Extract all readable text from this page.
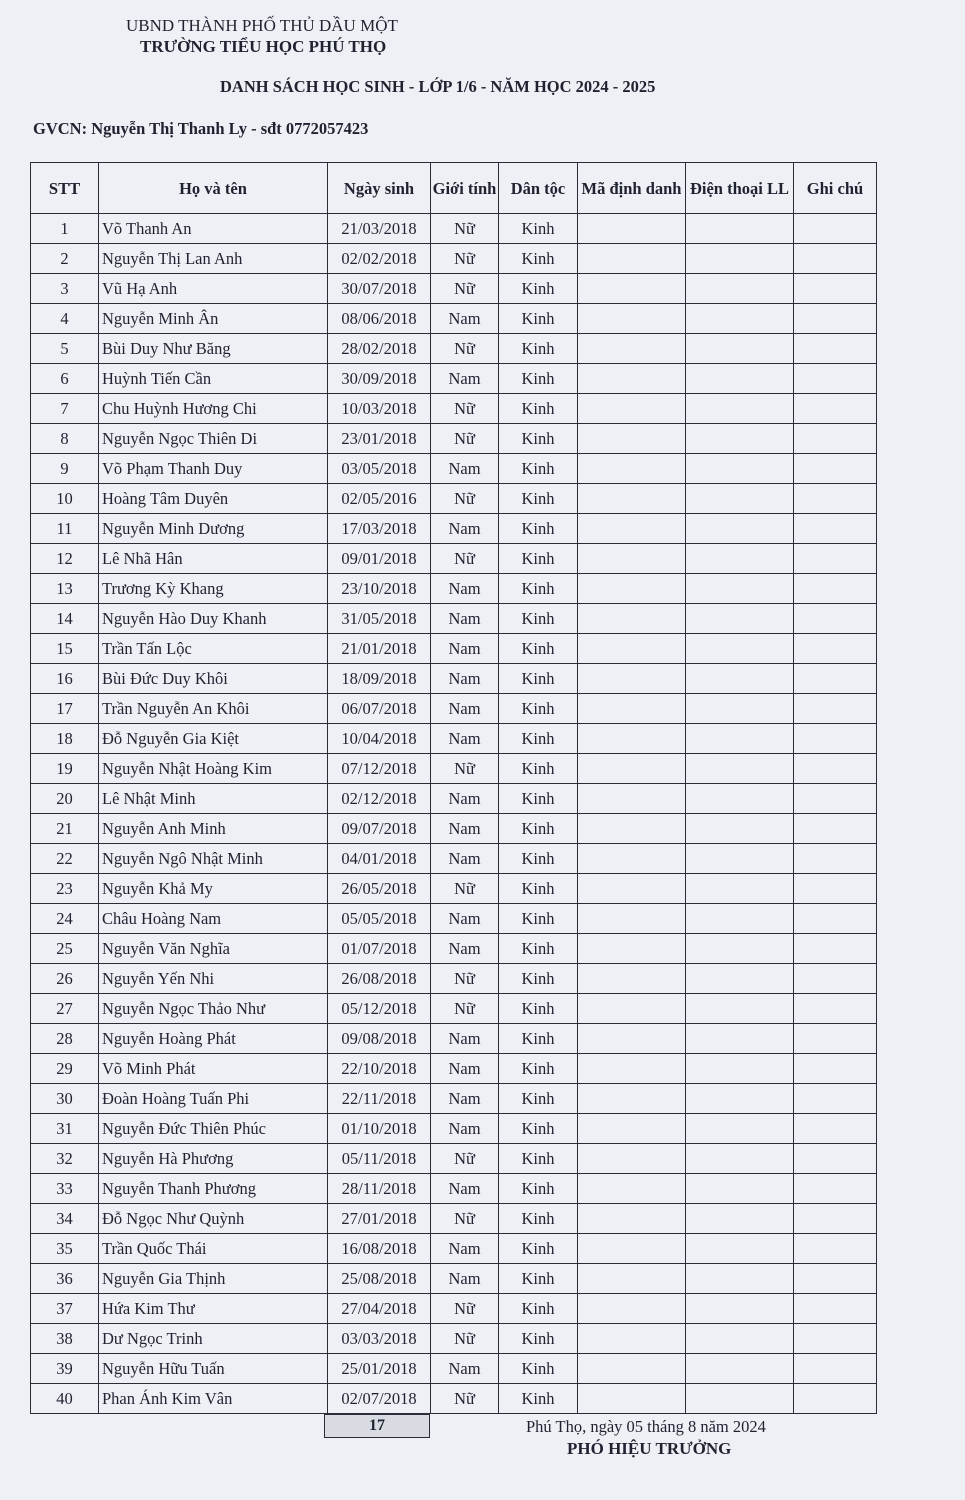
UBND THÀNH PHỐ THỦ DẦU MỘT
TRƯỜNG TIỂU HỌC PHÚ THỌ
DANH SÁCH HỌC SINH - LỚP 1/6 - NĂM HỌC 2024 - 2025
GVCN: Nguyễn Thị Thanh Ly - sđt 0772057423
STT	Họ và tên	Ngày sinh	Giới tính	Dân tộc	Mã định danh	Điện thoại LL	Ghi chú
1	Võ Thanh An	21/03/2018	Nữ	Kinh			
2	Nguyễn Thị Lan Anh	02/02/2018	Nữ	Kinh			
3	Vũ Hạ Anh	30/07/2018	Nữ	Kinh			
4	Nguyễn Minh Ân	08/06/2018	Nam	Kinh			
5	Bùi Duy Như Băng	28/02/2018	Nữ	Kinh			
6	Huỳnh Tiến Cần	30/09/2018	Nam	Kinh			
7	Chu Huỳnh Hương Chi	10/03/2018	Nữ	Kinh			
8	Nguyễn Ngọc Thiên Di	23/01/2018	Nữ	Kinh			
9	Võ Phạm Thanh Duy	03/05/2018	Nam	Kinh			
10	Hoàng Tâm Duyên	02/05/2016	Nữ	Kinh			
11	Nguyễn Minh Dương	17/03/2018	Nam	Kinh			
12	Lê Nhã Hân	09/01/2018	Nữ	Kinh			
13	Trương Kỳ Khang	23/10/2018	Nam	Kinh			
14	Nguyễn Hào Duy Khanh	31/05/2018	Nam	Kinh			
15	Trần Tấn Lộc	21/01/2018	Nam	Kinh			
16	Bùi Đức Duy Khôi	18/09/2018	Nam	Kinh			
17	Trần Nguyễn An Khôi	06/07/2018	Nam	Kinh			
18	Đỗ Nguyễn Gia Kiệt	10/04/2018	Nam	Kinh			
19	Nguyễn Nhật Hoàng Kim	07/12/2018	Nữ	Kinh			
20	Lê Nhật Minh	02/12/2018	Nam	Kinh			
21	Nguyễn Anh Minh	09/07/2018	Nam	Kinh			
22	Nguyễn Ngô Nhật Minh	04/01/2018	Nam	Kinh			
23	Nguyễn Khả My	26/05/2018	Nữ	Kinh			
24	Châu Hoàng Nam	05/05/2018	Nam	Kinh			
25	Nguyễn Văn Nghĩa	01/07/2018	Nam	Kinh			
26	Nguyễn Yến Nhi	26/08/2018	Nữ	Kinh			
27	Nguyễn Ngọc Thảo Như	05/12/2018	Nữ	Kinh			
28	Nguyễn Hoàng Phát	09/08/2018	Nam	Kinh			
29	Võ Minh Phát	22/10/2018	Nam	Kinh			
30	Đoàn Hoàng Tuấn Phi	22/11/2018	Nam	Kinh			
31	Nguyễn Đức Thiên Phúc	01/10/2018	Nam	Kinh			
32	Nguyễn Hà Phương	05/11/2018	Nữ	Kinh			
33	Nguyễn Thanh Phương	28/11/2018	Nam	Kinh			
34	Đỗ Ngọc Như Quỳnh	27/01/2018	Nữ	Kinh			
35	Trần Quốc Thái	16/08/2018	Nam	Kinh			
36	Nguyễn Gia Thịnh	25/08/2018	Nam	Kinh			
37	Hứa Kim Thư	27/04/2018	Nữ	Kinh			
38	Dư Ngọc Trinh	03/03/2018	Nữ	Kinh			
39	Nguyễn Hữu Tuấn	25/01/2018	Nam	Kinh			
40	Phan Ánh Kim Vân	02/07/2018	Nữ	Kinh			
17	Phú Thọ, ngày 05 tháng 8 năm 2024
PHÓ HIỆU TRƯỞNG
